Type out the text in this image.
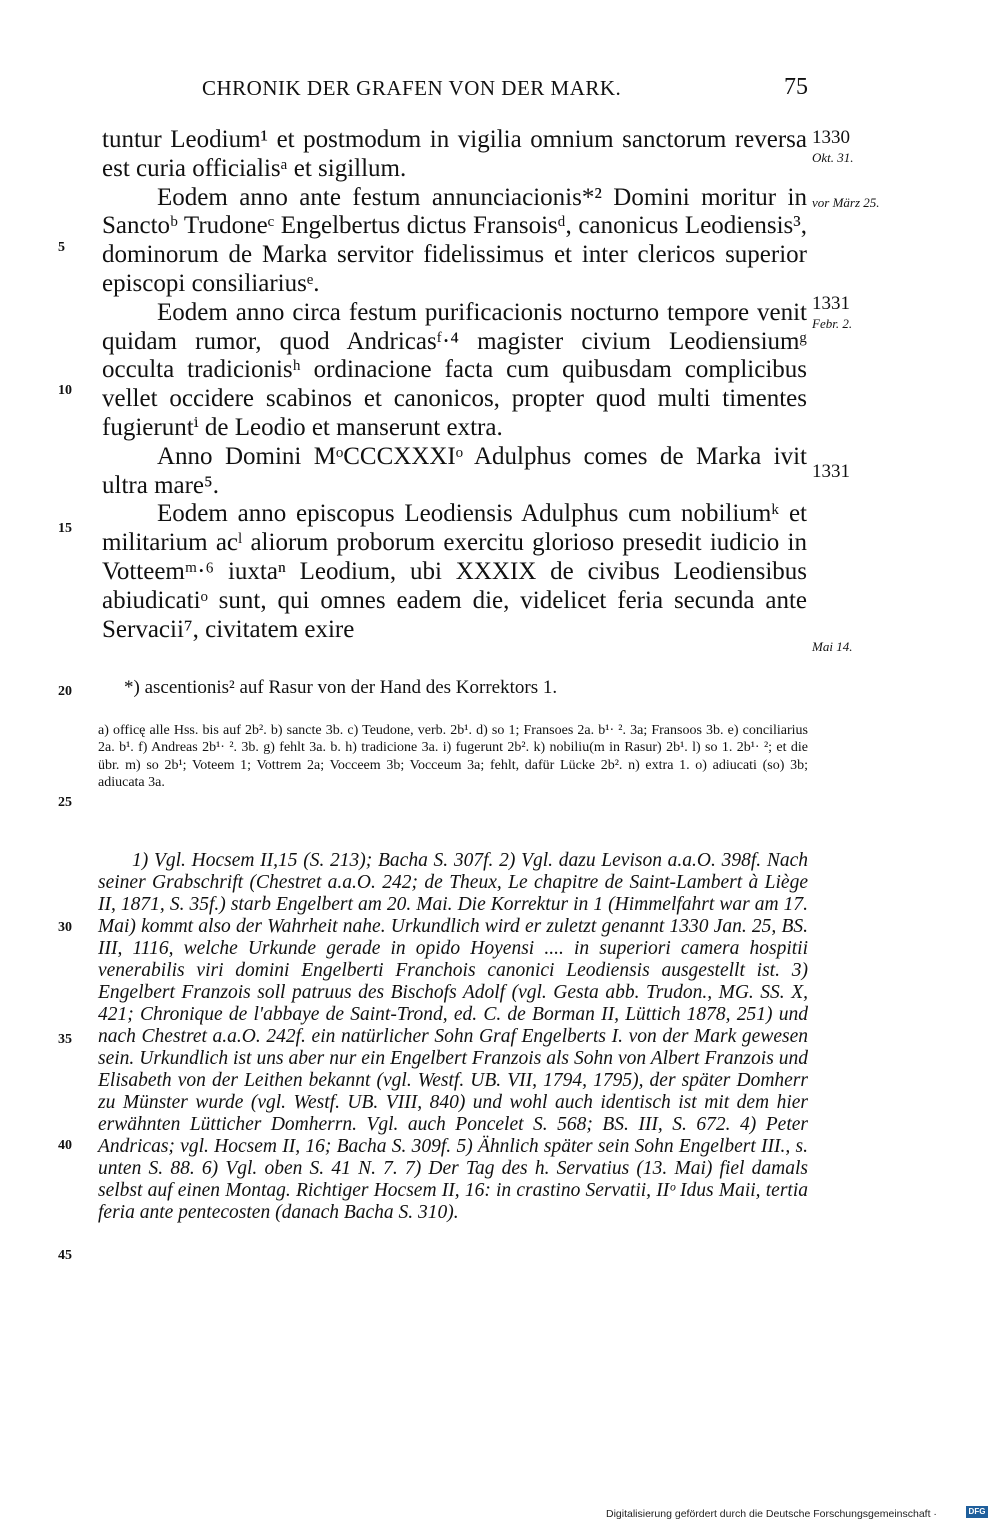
CHRONIK DER GRAFEN VON DER MARK.	75
5
10
15
20
25
30
35
40
45
1330
Okt. 31.
vor März 25.
1331
Febr. 2.
1331
Mai 14.

tuntur Leodium¹ et postmodum in vigilia omnium sanctorum reversa est curia officialisᵃ et sigillum.

Eodem anno ante festum annunciacionis*² Domini moritur in Sanctoᵇ Trudoneᶜ Engelbertus dictus Fransoisᵈ, canonicus Leodiensis³, dominorum de Marka servitor fidelissimus et inter clericos superior episcopi consiliariusᵉ.

Eodem anno circa festum purificacionis nocturno tempore venit quidam rumor, quod Andricasᶠ·⁴ magister civium Leodiensiumᵍ occulta tradicionisʰ ordinacione facta cum quibusdam complicibus vellet occidere scabinos et canonicos, propter quod multi timentes fugieruntⁱ de Leodio et manserunt extra.

Anno Domini MᵒCCCXXXIᵒ Adulphus comes de Marka ivit ultra mare⁵.

Eodem anno episcopus Leodiensis Adulphus cum nobiliumᵏ et militarium acˡ aliorum proborum exercitu glorioso presedit iudicio in Votteemᵐ·⁶ iuxtaⁿ Leodium, ubi XXXIX de civibus Leodiensibus abiudicatiᵒ sunt, qui omnes eadem die, videlicet feria secunda ante Servacii⁷, civitatem exire

*) ascentionis² auf Rasur von der Hand des Korrektors 1.

a) officę alle Hss. bis auf 2b². b) sancte 3b. c) Teudone, verb. 2b¹. d) so 1; Fransoes 2a. b¹· ². 3a; Fransoos 3b. e) conciliarius 2a. b¹. f) Andreas 2b¹· ². 3b. g) fehlt 3a. b. h) tradicione 3a. i) fugerunt 2b². k) nobiliu(m in Rasur) 2b¹. l) so 1. 2b¹· ²; et die übr. m) so 2b¹; Voteem 1; Vottrem 2a; Vocceem 3b; Vocceum 3a; fehlt, dafür Lücke 2b². n) extra 1. o) adiucati (so) 3b; adiucata 3a.

1) Vgl. Hocsem II,15 (S. 213); Bacha S. 307f. 2) Vgl. dazu Levison a.a.O. 398f. Nach seiner Grabschrift (Chestret a.a.O. 242; de Theux, Le chapitre de Saint-Lambert à Liège II, 1871, S. 35f.) starb Engelbert am 20. Mai. Die Korrektur in 1 (Himmelfahrt war am 17. Mai) kommt also der Wahrheit nahe. Urkundlich wird er zuletzt genannt 1330 Jan. 25, BS. III, 1116, welche Urkunde gerade in opido Hoyensi .... in superiori camera hospitii venerabilis viri domini Engelberti Franchois canonici Leodiensis ausgestellt ist. 3) Engelbert Franzois soll patruus des Bischofs Adolf (vgl. Gesta abb. Trudon., MG. SS. X, 421; Chronique de l'abbaye de Saint-Trond, ed. C. de Borman II, Lüttich 1878, 251) und nach Chestret a.a.O. 242f. ein natürlicher Sohn Graf Engelberts I. von der Mark gewesen sein. Urkundlich ist uns aber nur ein Engelbert Franzois als Sohn von Albert Franzois und Elisabeth von der Leithen bekannt (vgl. Westf. UB. VII, 1794, 1795), der später Domherr zu Münster wurde (vgl. Westf. UB. VIII, 840) und wohl auch identisch ist mit dem hier erwähnten Lütticher Domherrn. Vgl. auch Poncelet S. 568; BS. III, S. 672. 4) Peter Andricas; vgl. Hocsem II, 16; Bacha S. 309f. 5) Ähnlich später sein Sohn Engelbert III., s. unten S. 88. 6) Vgl. oben S. 41 N. 7. 7) Der Tag des h. Servatius (13. Mai) fiel damals selbst auf einen Montag. Richtiger Hocsem II, 16: in crastino Servatii, IIᵒ Idus Maii, tertia feria ante pentecosten (danach Bacha S. 310).

Digitalisierung gefördert durch die Deutsche Forschungsgemeinschaft ·	DFG
